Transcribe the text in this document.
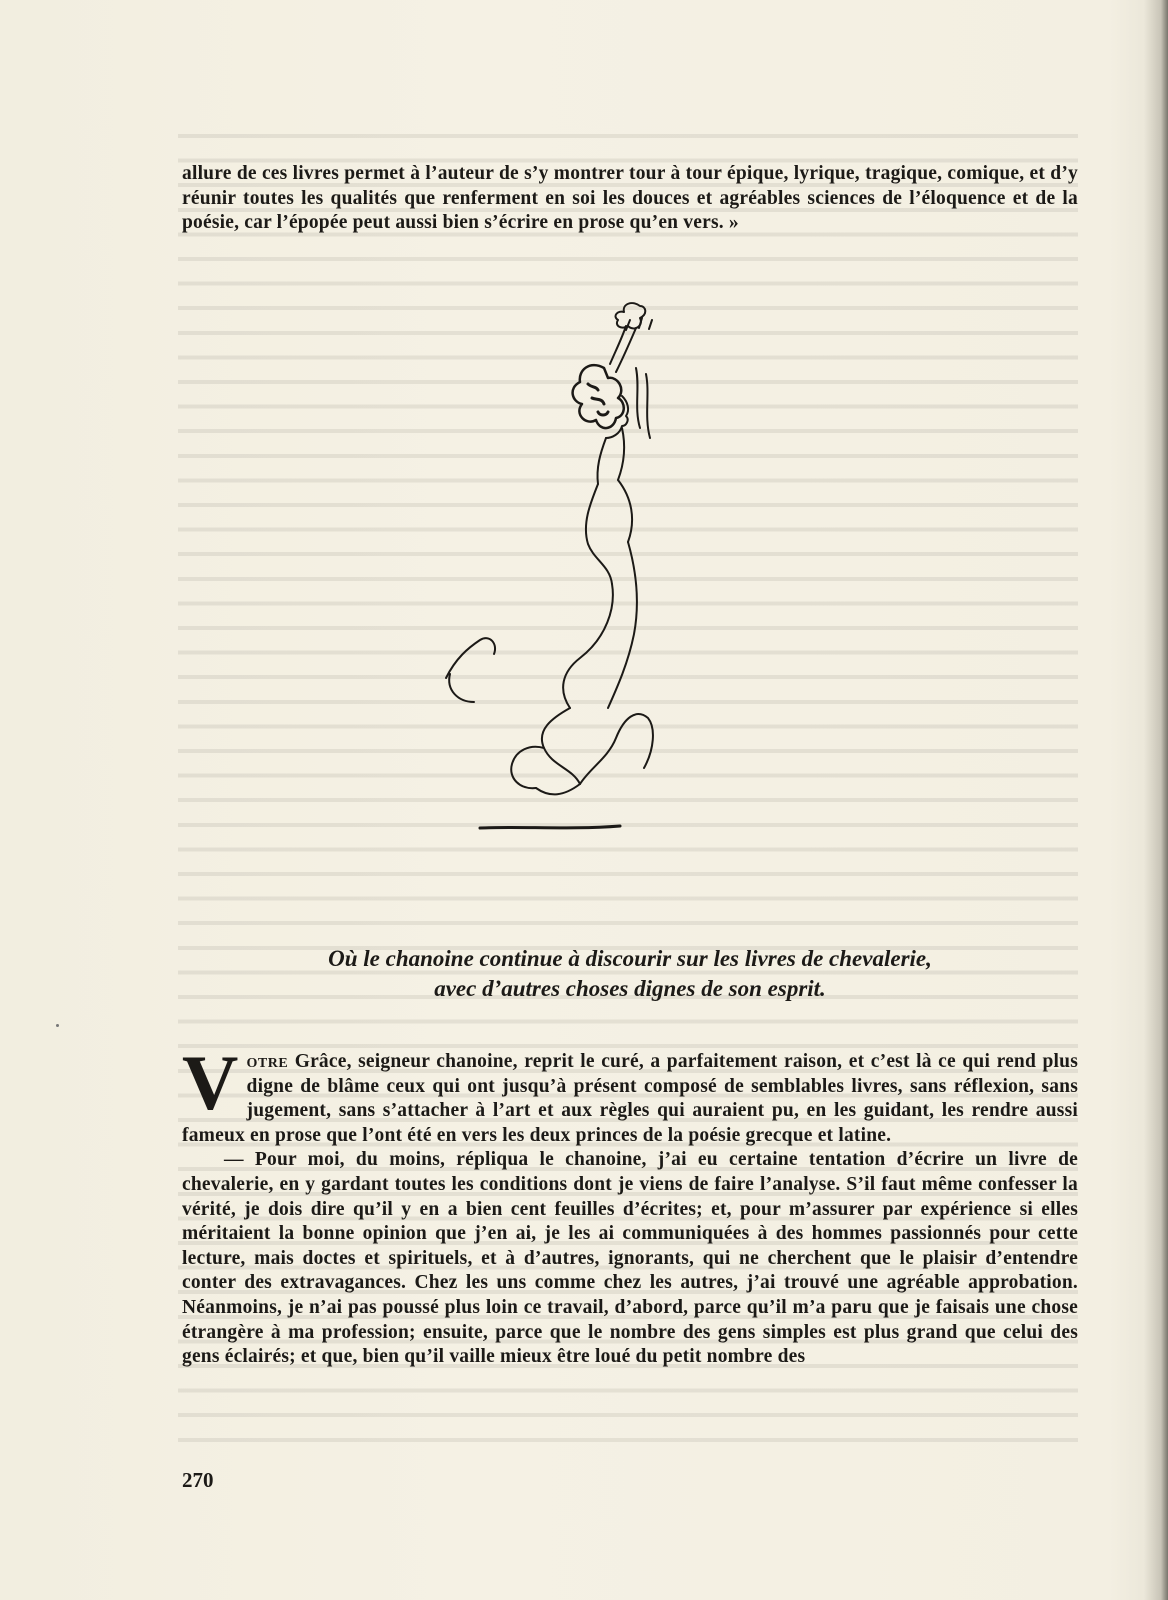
allure de ces livres permet à l’auteur de s’y montrer tour à tour épique, lyrique, tragique, comique, et d’y réunir toutes les qualités que renferment en soi les douces et agréables sciences de l’éloquence et de la poésie, car l’épopée peut aussi bien s’écrire en prose qu’en vers. »

Où le chanoine continue à discourir sur les livres de chevalerie,
avec d’autres choses dignes de son esprit.

Votre Grâce, seigneur chanoine, reprit le curé, a parfaitement raison, et c’est là ce qui rend plus digne de blâme ceux qui ont jusqu’à présent composé de semblables livres, sans réflexion, sans jugement, sans s’attacher à l’art et aux règles qui auraient pu, en les guidant, les rendre aussi fameux en prose que l’ont été en vers les deux princes de la poésie grecque et latine.

— Pour moi, du moins, répliqua le chanoine, j’ai eu certaine tentation d’écrire un livre de chevalerie, en y gardant toutes les conditions dont je viens de faire l’analyse. S’il faut même confesser la vérité, je dois dire qu’il y en a bien cent feuilles d’écrites; et, pour m’assurer par expérience si elles méritaient la bonne opinion que j’en ai, je les ai communiquées à des hommes passionnés pour cette lecture, mais doctes et spirituels, et à d’autres, ignorants, qui ne cherchent que le plaisir d’entendre conter des extravagances. Chez les uns comme chez les autres, j’ai trouvé une agréable approbation. Néanmoins, je n’ai pas poussé plus loin ce travail, d’abord, parce qu’il m’a paru que je faisais une chose étrangère à ma profession; ensuite, parce que le nombre des gens simples est plus grand que celui des gens éclairés; et que, bien qu’il vaille mieux être loué du petit nombre des

270
